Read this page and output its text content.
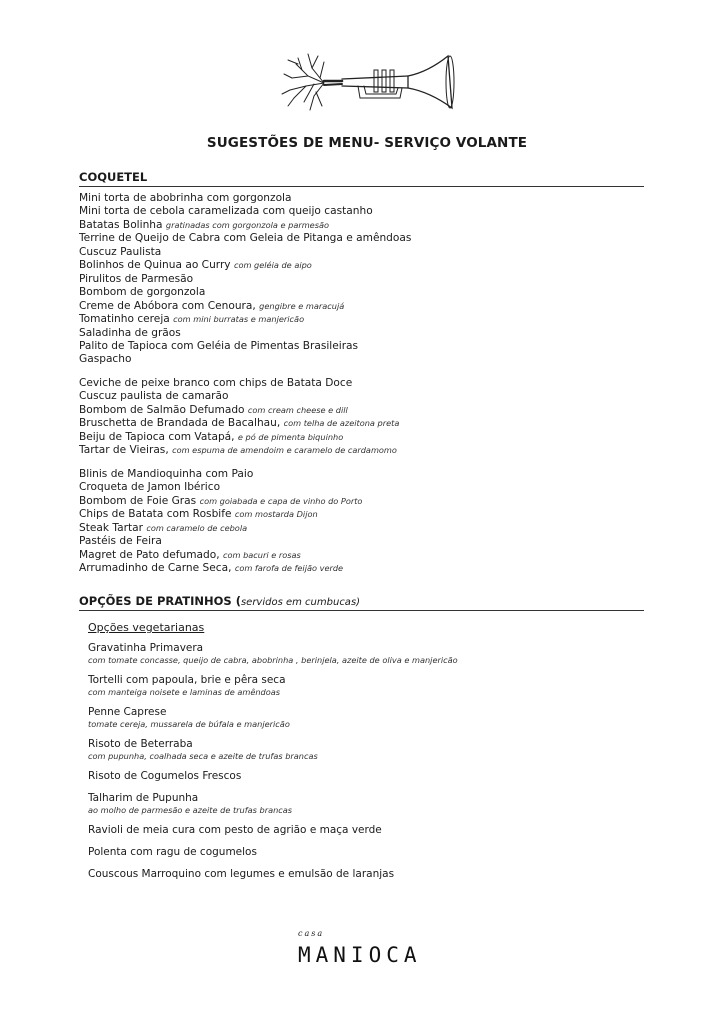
SUGESTÕES DE MENU- SERVIÇO VOLANTE
COQUETEL
Mini torta de abobrinha com gorgonzola
Mini torta de cebola caramelizada com queijo castanho
Batatas Bolinha gratinadas com gorgonzola e parmesão
Terrine de Queijo de Cabra com Geleia de Pitanga e amêndoas
Cuscuz Paulista
Bolinhos de Quinua ao Curry com geléia de aipo
Pirulitos de Parmesão
Bombom de gorgonzola
Creme de Abóbora com Cenoura, gengibre e maracujá
Tomatinho cereja com mini burratas e manjericão
Saladinha de grãos
Palito de Tapioca com Geléia de Pimentas Brasileiras
Gaspacho
Ceviche de peixe branco com chips de Batata Doce
Cuscuz paulista de camarão
Bombom de Salmão Defumado com cream cheese e dill
Bruschetta de Brandada de Bacalhau, com telha de azeitona preta
Beiju de Tapioca com Vatapá, e pó de pimenta biquinho
Tartar de Vieiras, com espuma de amendoim e caramelo de cardamomo
Blinis de Mandioquinha com Paio
Croqueta de Jamon Ibérico
Bombom de Foie Gras com goiabada e capa de vinho do Porto
Chips de Batata com Rosbife com mostarda Dijon
Steak Tartar com caramelo de cebola
Pastéis de Feira
Magret de Pato defumado, com bacuri e rosas
Arrumadinho de Carne Seca, com farofa de feijão verde
OPÇÕES DE PRATINHOS (servidos em cumbucas)
Opções vegetarianas
Gravatinha Primavera
com tomate concasse, queijo de cabra, abobrinha , berinjela, azeite de oliva e manjericão
Tortelli com papoula, brie e pêra seca
com manteiga noisete e laminas de amêndoas
Penne Caprese
tomate cereja, mussarela de búfala e manjericão
Risoto de Beterraba
com pupunha, coalhada seca e azeite de trufas brancas
Risoto de Cogumelos Frescos
Talharim de Pupunha
ao molho de parmesão e azeite de trufas brancas
Ravioli de meia cura com pesto de agrião e maça verde
Polenta com ragu de cogumelos
Couscous Marroquino com legumes e emulsão de laranjas
casa
MANIOCA
